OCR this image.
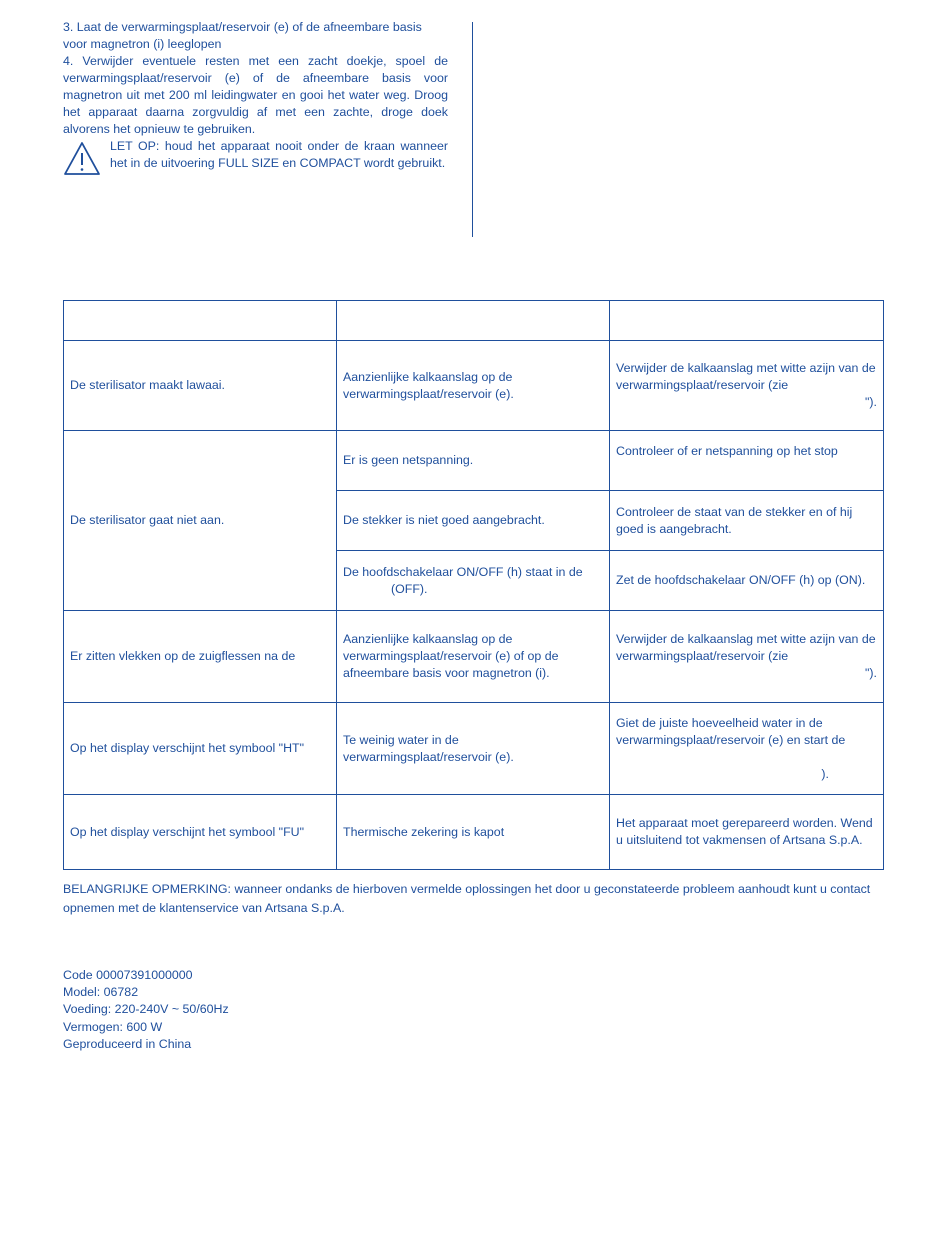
3. Laat de verwarmingsplaat/reservoir (e) of de afneembare basis voor magnetron (i) leeglopen

4. Verwijder eventuele resten met een zacht doekje, spoel de verwarmingsplaat/reservoir (e) of de afneembare basis voor magnetron uit met 200 ml leidingwater en gooi het water weg. Droog het apparaat daarna zorgvuldig af met een zachte, droge doek alvorens het opnieuw te gebruiken.

LET OP: houd het apparaat nooit onder de kraan wanneer het in de uitvoering FULL SIZE en COMPACT wordt gebruikt.

De sterilisator maakt lawaai.	Aanzienlijke kalkaanslag op de verwarmingsplaat/reservoir (e).	Verwijder de kalkaanslag met witte azijn van de verwarmingsplaat/reservoir (zie
").

De sterilisator gaat niet aan.	Er is geen netspanning.	Controleer of er netspanning op het stop
	De stekker is niet goed aangebracht.	Controleer de staat van de stekker en of hij goed is aangebracht.

	De hoofdschakelaar ON/OFF (h) staat in de
(OFF).	Zet de hoofdschakelaar ON/OFF (h) op (ON).
Er zitten vlekken op de zuigflessen na de	Aanzienlijke kalkaanslag op de verwarmingsplaat/reservoir (e) of op de afneembare basis voor magnetron (i).	Verwijder de kalkaanslag met witte azijn van de verwarmingsplaat/reservoir (zie
").

Op het display verschijnt het symbool "HT"	Te weinig water in de verwarmingsplaat/reservoir (e).	Giet de juiste hoeveelheid water in de verwarmingsplaat/reservoir (e) en start de
).

Op het display verschijnt het symbool "FU"	Thermische zekering is kapot	Het apparaat moet gerepareerd worden. Wend u uitsluitend tot vakmensen of Artsana S.p.A.

BELANGRIJKE OPMERKING: wanneer ondanks de hierboven vermelde oplossingen het door u geconstateerde probleem aanhoudt kunt u contact opnemen met de klantenservice van Artsana S.p.A.

Code 00007391000000
Model: 06782
Voeding: 220-240V ~ 50/60Hz
Vermogen: 600 W
Geproduceerd in China
